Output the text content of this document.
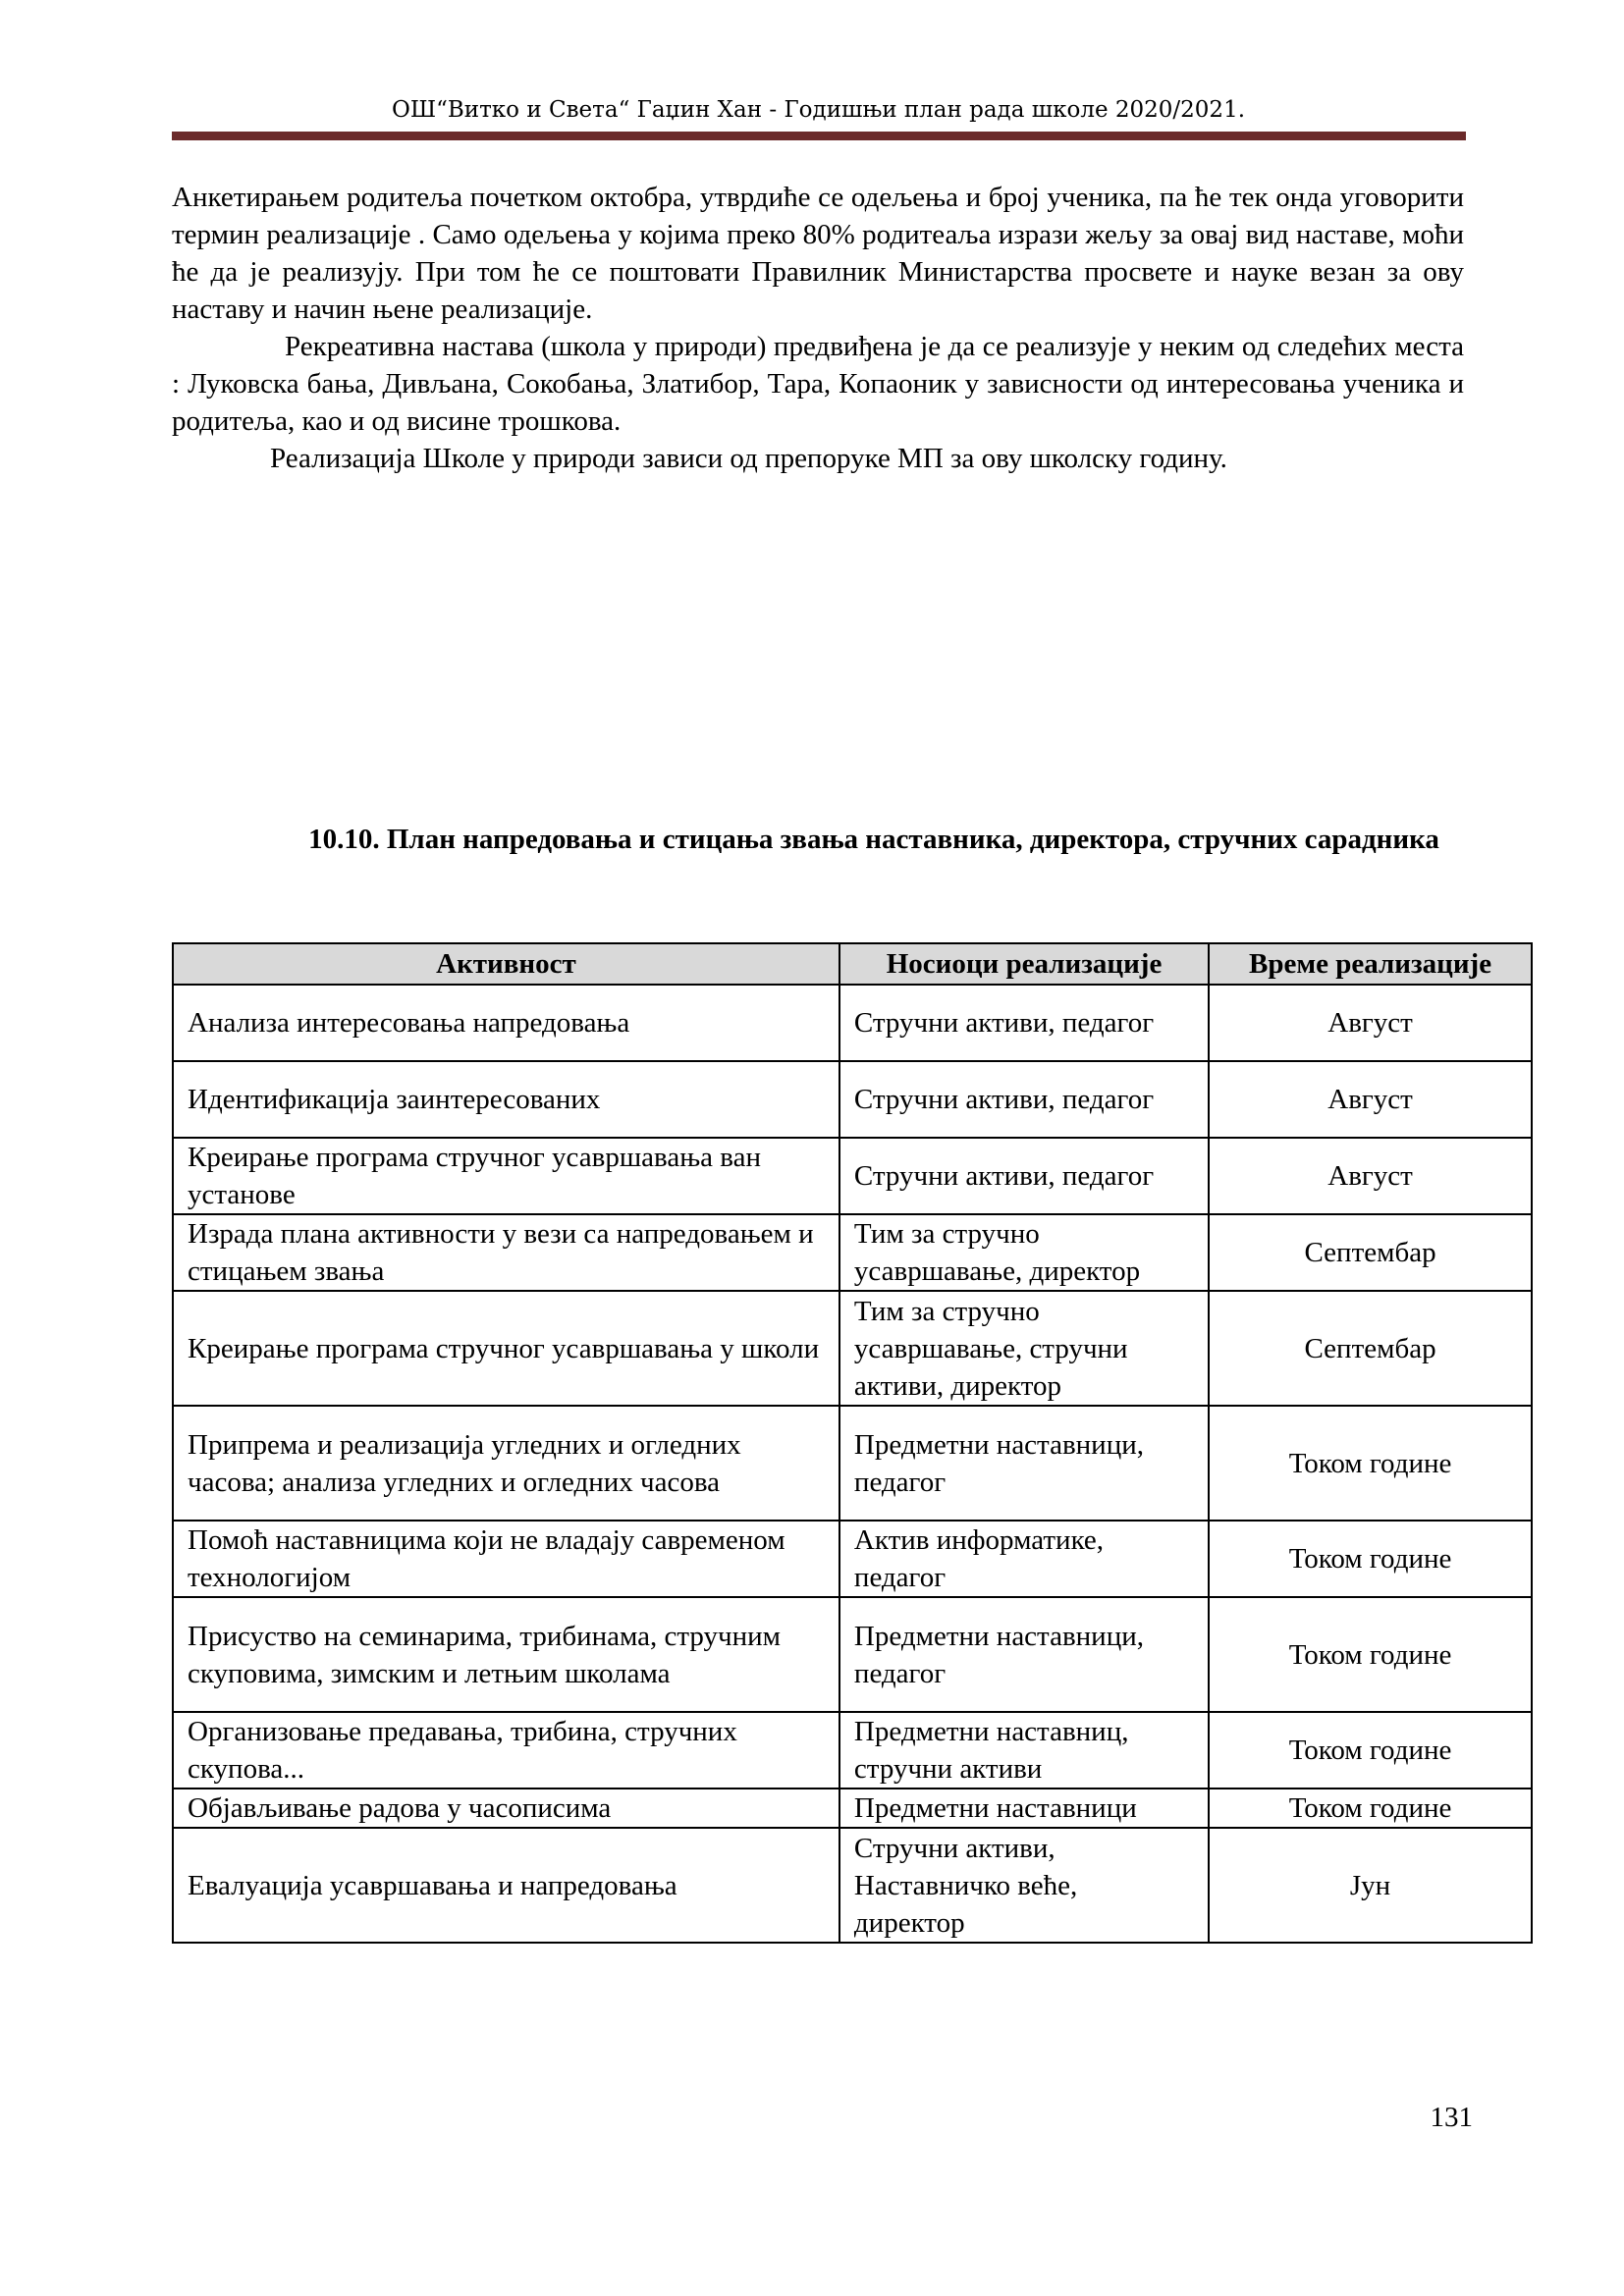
ОШ“Витко и Света“ Гаџин Хан - Годишњи план рада школе 2020/2021.

Анкетирањем родитеља почетком октобра, утврдиће се одељења и број ученика, па ће тек онда уговорити термин реализације . Само одељења у којима преко 80% родитеаља изрази жељу за овај вид наставе, моћи ће да је реализују. При том ће се поштовати Правилник Министарства просвете и науке везан за ову наставу и начин њене реализације.

Рекреативна настава (школа у природи) предвиђена је да се реализује у неким од следећих места : Луковска бања, Дивљана, Сокобања, Златибор, Тара, Копаоник у зависности од интересовања ученика и родитеља, као и од висине трошкова.

Реализација Школе у природи зависи од препоруке МП за ову школску годину.

10.10. План напредовања и стицања звања наставника, директора, стручних сарадника
Активност	Носиоци реализације	Време реализације
Анализа интересовања напредовања	Стручни активи, педагог	Август
Идентификација заинтересованих	Стручни активи, педагог	Август
Креирање програма стручног усавршавања ван установе	Стручни активи, педагог	Август
Израда плана активности у вези са напредовањем и стицањем звања	Тим за стручно усавршавање, директор	Септембар
Креирање програма стручног усавршавања у школи	Тим за стручно усавршавање, стручни активи, директор	Септембар
Припрема и реализација угледних и огледних часова; анализа угледних и огледних часова	Предметни наставници, педагог	Током године
Помоћ наставницима који не владају савременом технологијом	Актив информатике, педагог	Током године
Присуство на семинарима, трибинама, стручним скуповима, зимским и летњим школама	Предметни наставници, педагог	Током године
Организовање предавања, трибина, стручних скупова...	Предметни наставниц, стручни активи	Током године
Објављивање радова у часописима	Предметни наставници	Током године
Евалуација усавршавања и напредовања	Стручни активи, Наставничко веће, директор	Јун
131
